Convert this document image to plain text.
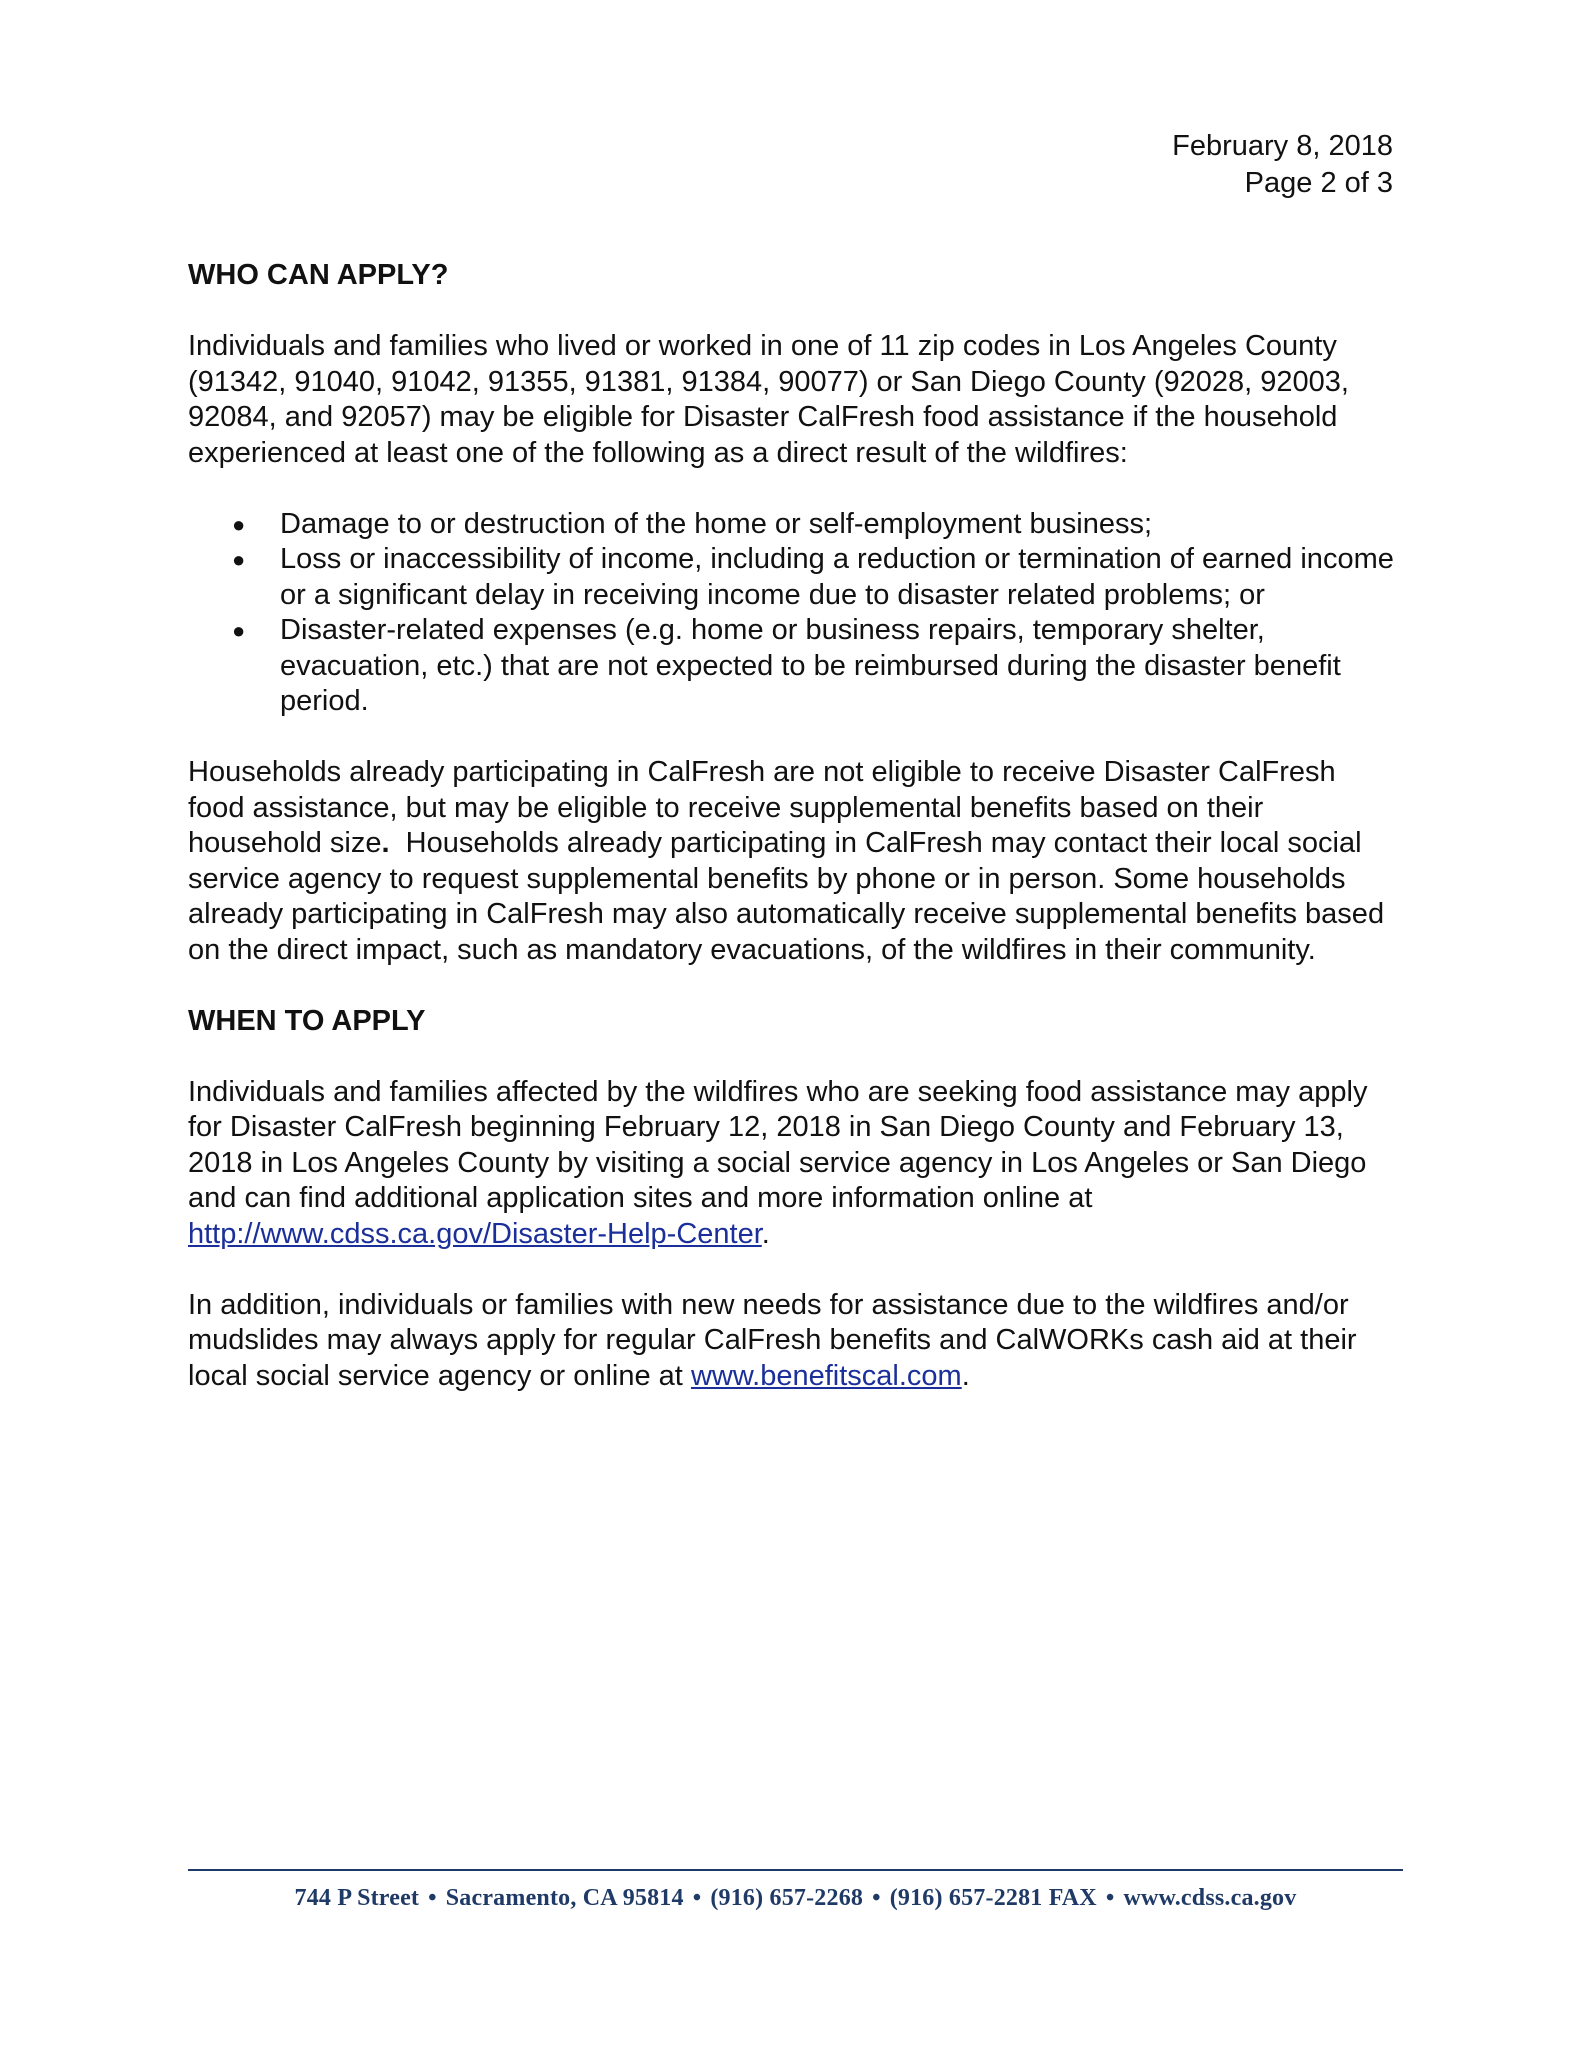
February 8, 2018
Page 2 of 3

WHO CAN APPLY?

Individuals and families who lived or worked in one of 11 zip codes in Los Angeles County (91342, 91040, 91042, 91355, 91381, 91384, 90077) or San Diego County (92028, 92003, 92084, and 92057) may be eligible for Disaster CalFresh food assistance if the household experienced at least one of the following as a direct result of the wildfires:

● Damage to or destruction of the home or self-employment business;
● Loss or inaccessibility of income, including a reduction or termination of earned income or a significant delay in receiving income due to disaster related problems; or
● Disaster-related expenses (e.g. home or business repairs, temporary shelter, evacuation, etc.) that are not expected to be reimbursed during the disaster benefit period.

Households already participating in CalFresh are not eligible to receive Disaster CalFresh food assistance, but may be eligible to receive supplemental benefits based on their household size.  Households already participating in CalFresh may contact their local social service agency to request supplemental benefits by phone or in person. Some households already participating in CalFresh may also automatically receive supplemental benefits based on the direct impact, such as mandatory evacuations, of the wildfires in their community.

WHEN TO APPLY

Individuals and families affected by the wildfires who are seeking food assistance may apply for Disaster CalFresh beginning February 12, 2018 in San Diego County and February 13, 2018 in Los Angeles County by visiting a social service agency in Los Angeles or San Diego and can find additional application sites and more information online at http://www.cdss.ca.gov/Disaster-Help-Center.

In addition, individuals or families with new needs for assistance due to the wildfires and/or mudslides may always apply for regular CalFresh benefits and CalWORKs cash aid at their local social service agency or online at www.benefitscal.com.

744 P Street • Sacramento, CA 95814 • (916) 657-2268 • (916) 657-2281 FAX • www.cdss.ca.gov
